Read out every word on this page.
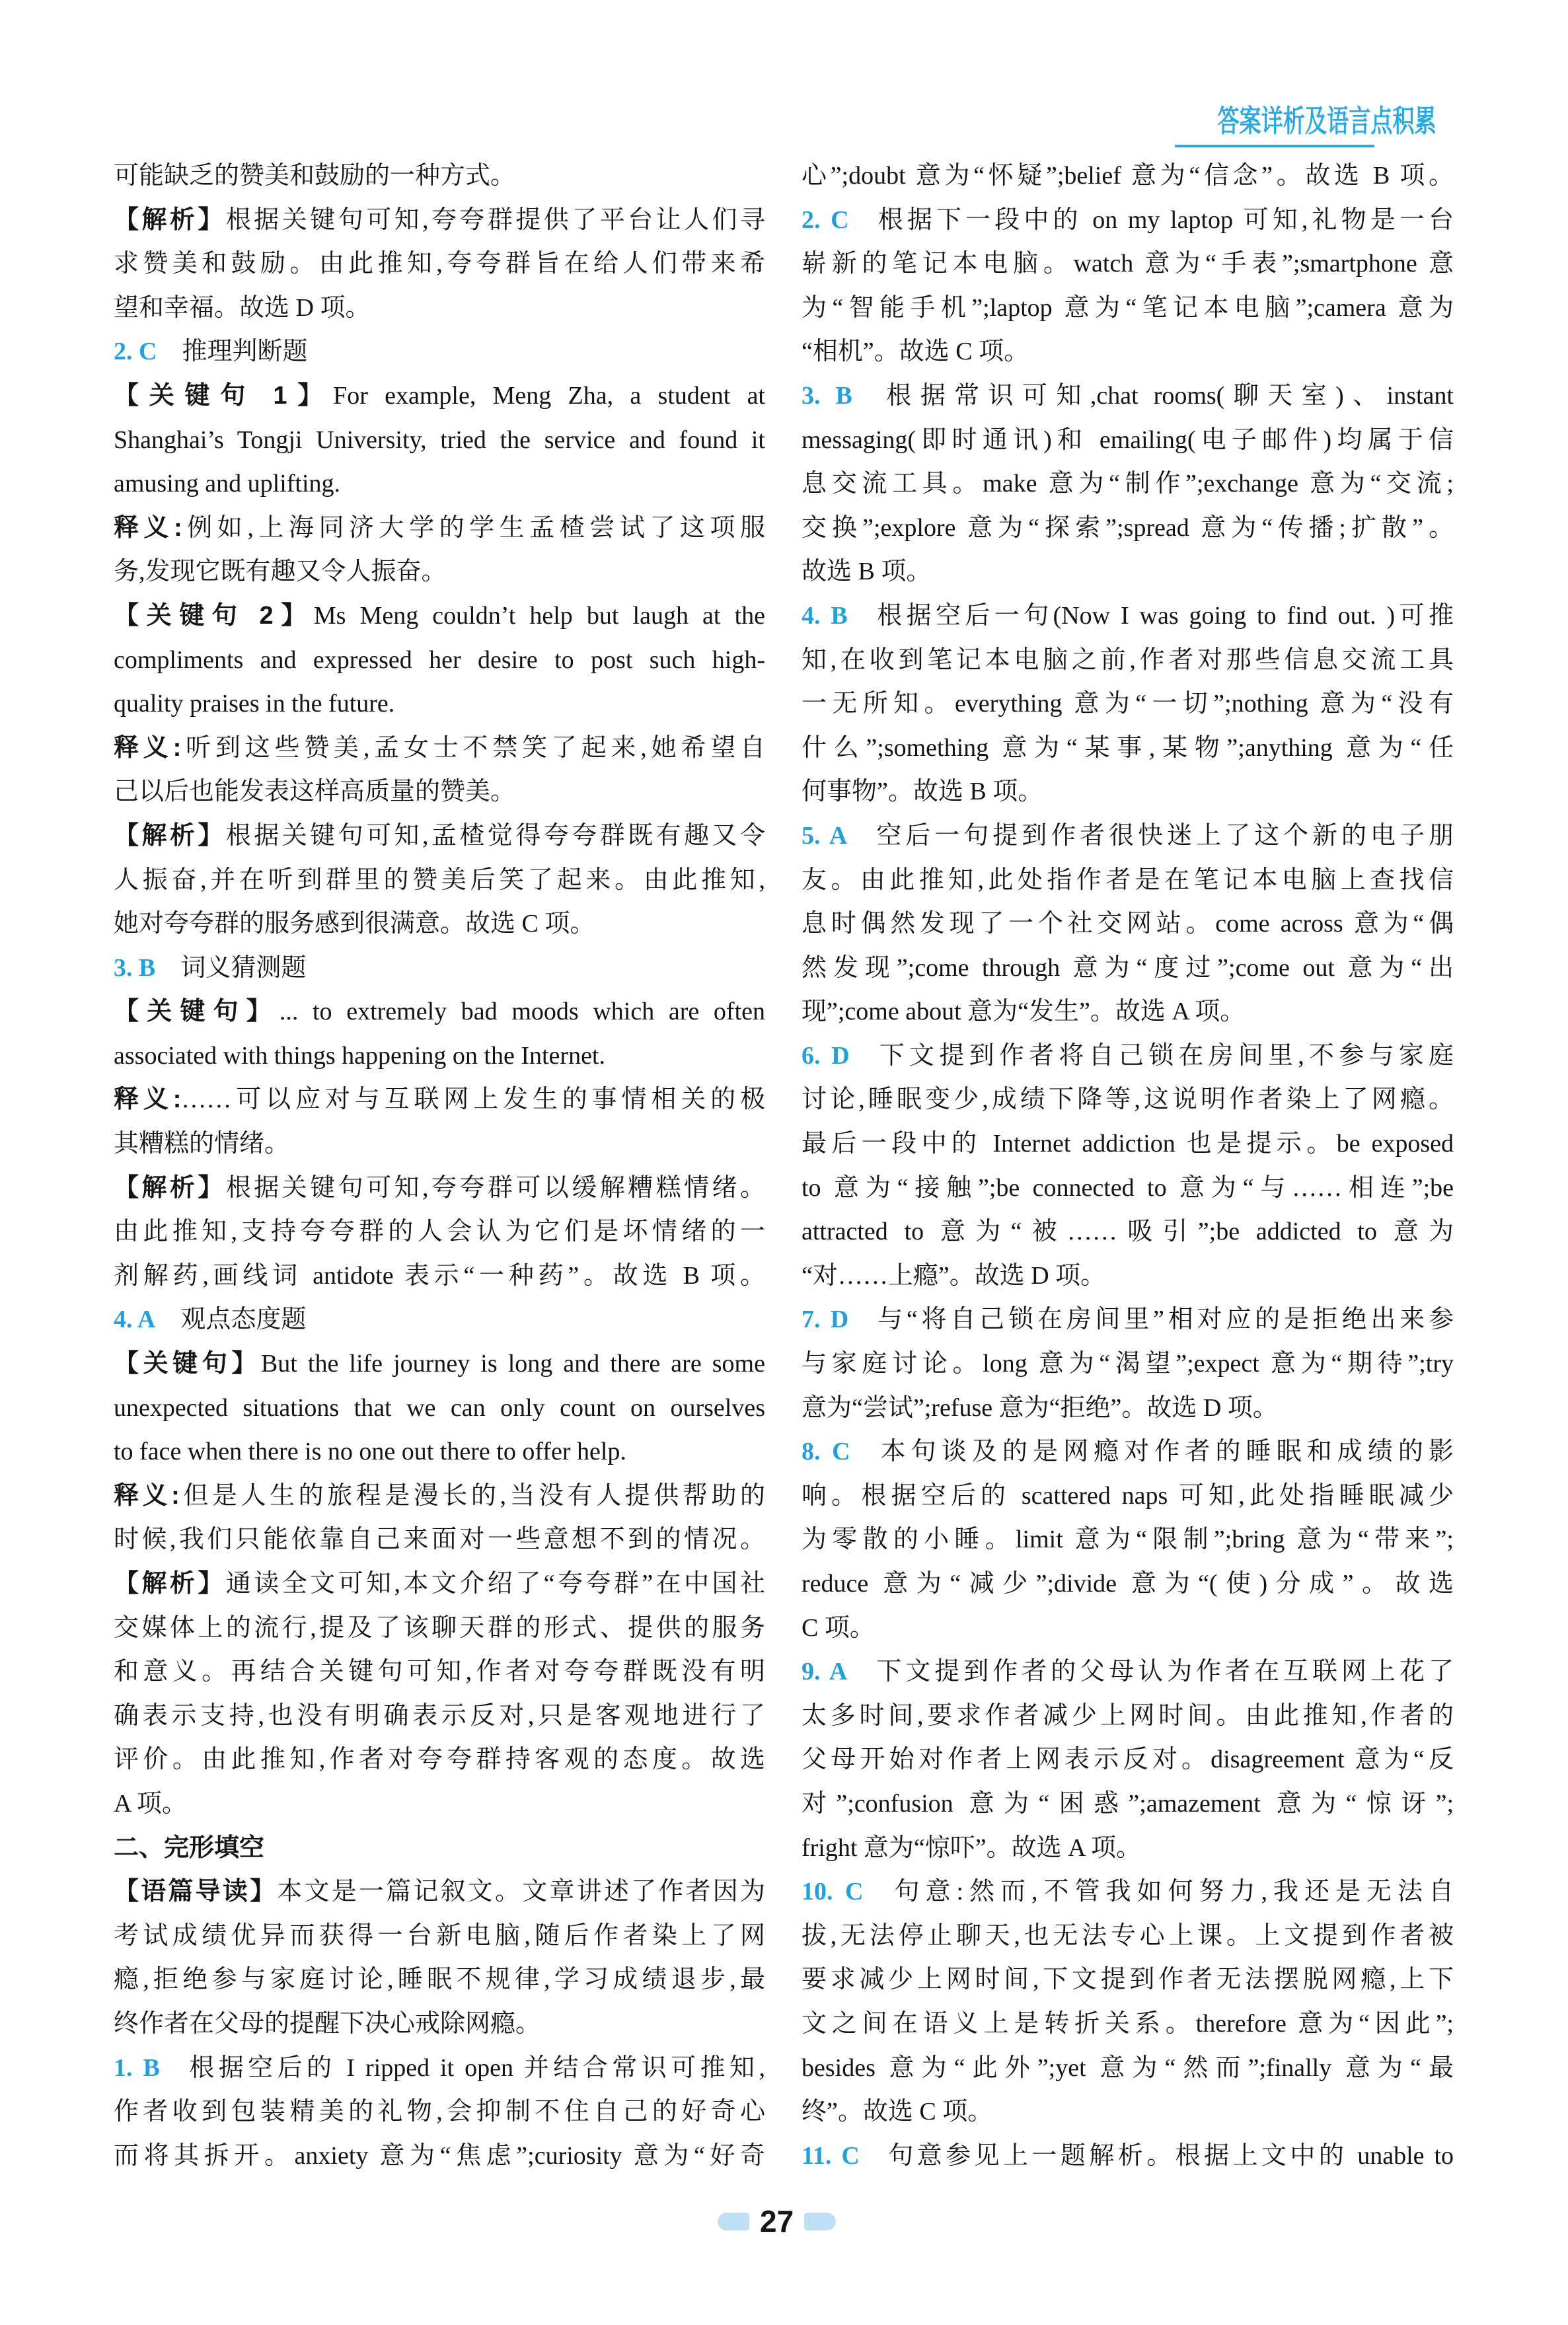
答案详析及语言点积累
可能缺乏的赞美和鼓励的一种方式。
【解析】根据关键句可知,夸夸群提供了平台让人们寻
求赞美和鼓励。由此推知,夸夸群旨在给人们带来希
望和幸福。故选 D 项。
2. C 推理判断题
【关键句 1】For example, Meng Zha, a student at
Shanghai’s Tongji University, tried the service and found it
amusing and uplifting.
释义:例如,上海同济大学的学生孟楂尝试了这项服
务,发现它既有趣又令人振奋。
【关键句 2】Ms Meng couldn’t help but laugh at the
compliments and expressed her desire to post such high-
quality praises in the future.
释义:听到这些赞美,孟女士不禁笑了起来,她希望自
己以后也能发表这样高质量的赞美。
【解析】根据关键句可知,孟楂觉得夸夸群既有趣又令
人振奋,并在听到群里的赞美后笑了起来。由此推知,
她对夸夸群的服务感到很满意。故选 C 项。
3. B 词义猜测题
【关键句】... to extremely bad moods which are often
associated with things happening on the Internet.
释义:……可以应对与互联网上发生的事情相关的极
其糟糕的情绪。
【解析】根据关键句可知,夸夸群可以缓解糟糕情绪。
由此推知,支持夸夸群的人会认为它们是坏情绪的一
剂解药,画线词 antidote 表示“一种药”。故选 B 项。
4. A 观点态度题
【关键句】But the life journey is long and there are some
unexpected situations that we can only count on ourselves
to face when there is no one out there to offer help.
释义:但是人生的旅程是漫长的,当没有人提供帮助的
时候,我们只能依靠自己来面对一些意想不到的情况。
【解析】通读全文可知,本文介绍了“夸夸群”在中国社
交媒体上的流行,提及了该聊天群的形式、提供的服务
和意义。再结合关键句可知,作者对夸夸群既没有明
确表示支持,也没有明确表示反对,只是客观地进行了
评价。由此推知,作者对夸夸群持客观的态度。故选
A 项。
二、完形填空
【语篇导读】本文是一篇记叙文。文章讲述了作者因为
考试成绩优异而获得一台新电脑,随后作者染上了网
瘾,拒绝参与家庭讨论,睡眠不规律,学习成绩退步,最
终作者在父母的提醒下决心戒除网瘾。
1. B 根据空后的 I ripped it open 并结合常识可推知,
作者收到包装精美的礼物,会抑制不住自己的好奇心
而将其拆开。anxiety 意为“焦虑”;curiosity 意为“好奇
心”;doubt 意为“怀疑”;belief 意为“信念”。故选 B 项。
2. C 根据下一段中的 on my laptop 可知,礼物是一台
崭新的笔记本电脑。watch 意为“手表”;smartphone 意
为“智能手机”;laptop 意为“笔记本电脑”;camera 意为
“相机”。故选 C 项。
3. B 根据常识可知,chat rooms(聊天室)、instant
messaging(即时通讯)和 emailing(电子邮件)均属于信
息交流工具。make 意为“制作”;exchange 意为“交流;
交换”;explore 意为“探索”;spread 意为“传播;扩散”。
故选 B 项。
4. B 根据空后一句(Now I was going to find out. )可推
知,在收到笔记本电脑之前,作者对那些信息交流工具
一无所知。everything 意为“一切”;nothing 意为“没有
什么”;something 意为“某事,某物”;anything 意为“任
何事物”。故选 B 项。
5. A 空后一句提到作者很快迷上了这个新的电子朋
友。由此推知,此处指作者是在笔记本电脑上查找信
息时偶然发现了一个社交网站。come across 意为“偶
然发现”;come through 意为“度过”;come out 意为“出
现”;come about 意为“发生”。故选 A 项。
6. D 下文提到作者将自己锁在房间里,不参与家庭
讨论,睡眠变少,成绩下降等,这说明作者染上了网瘾。
最后一段中的 Internet addiction 也是提示。be exposed
to 意为“接触”;be connected to 意为“与……相连”;be
attracted to 意为“被……吸引”;be addicted to 意为
“对……上瘾”。故选 D 项。
7. D 与“将自己锁在房间里”相对应的是拒绝出来参
与家庭讨论。long 意为“渴望”;expect 意为“期待”;try
意为“尝试”;refuse 意为“拒绝”。故选 D 项。
8. C 本句谈及的是网瘾对作者的睡眠和成绩的影
响。根据空后的 scattered naps 可知,此处指睡眠减少
为零散的小睡。limit 意为“限制”;bring 意为“带来”;
reduce 意为“减少”;divide 意为“(使)分成”。故选
C 项。
9. A 下文提到作者的父母认为作者在互联网上花了
太多时间,要求作者减少上网时间。由此推知,作者的
父母开始对作者上网表示反对。disagreement 意为“反
对”;confusion 意为“困惑”;amazement 意为“惊讶”;
fright 意为“惊吓”。故选 A 项。
10. C 句意:然而,不管我如何努力,我还是无法自
拔,无法停止聊天,也无法专心上课。上文提到作者被
要求减少上网时间,下文提到作者无法摆脱网瘾,上下
文之间在语义上是转折关系。therefore 意为“因此”;
besides 意为“此外”;yet 意为“然而”;finally 意为“最
终”。故选 C 项。
11. C 句意参见上一题解析。根据上文中的 unable to
27
